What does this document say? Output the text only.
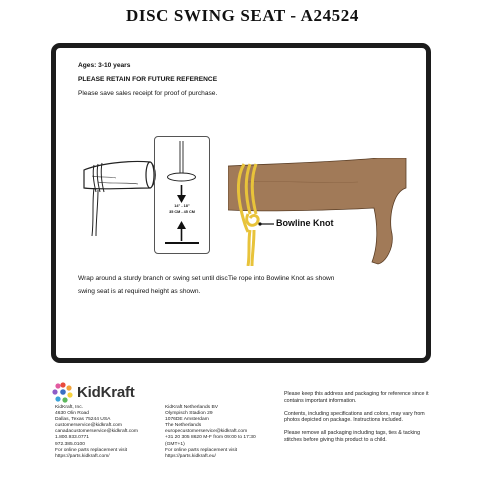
DISC SWING SEAT - A24524
Ages: 3-10 years
PLEASE RETAIN FOR FUTURE REFERENCE
Please save sales receipt for proof of purchase.
14" - 18"
35 CM - 45 CM
Bowline Knot
Wrap around a sturdy branch or swing set until disc swing seat is at required height as shown.
Tie rope into Bowline Knot as shown
KidKraft
KidKraft, Inc.
4630 Olin Road
Dallas, Texas 75244 USA
customerservice@kidkraft.com
canadacustomerservice@kidkraft.com
1.800.933.0771
972.385.0100
For online parts replacement visit
https://parts.kidkraft.com/
KidKraft Netherlands BV
Olympisch Stadion 29
1076DE Amsterdam
The Netherlands
europecustomerservice@kidkraft.com
+31 20 305 8620 M-F from 09:00 to 17:30
(GMT+1)
For online parts replacement visit
https://parts.kidkraft.eu/

Please keep this address and packaging for reference since it contains important information.

Contents, including specifications and colors, may vary from photos depicted on package. Instructions included.

Please remove all packaging including tags, ties & tacking stitches before giving this product to a child.
